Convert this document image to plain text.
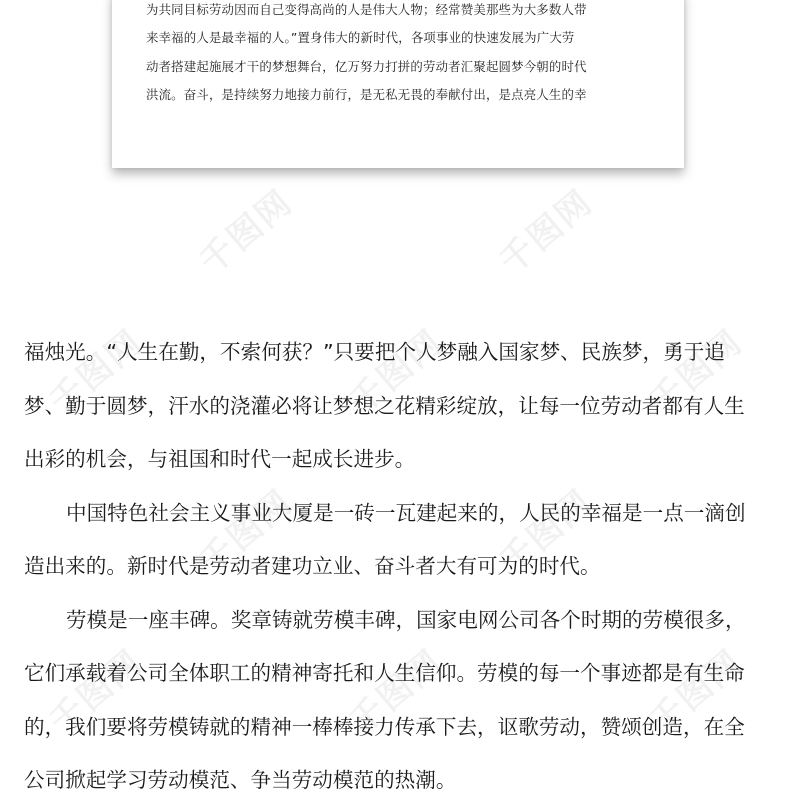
为共同目标劳动因而自己变得高尚的人是伟大人物；经常赞美那些为大多数人带
来幸福的人是最幸福的人。”置身伟大的新时代，各项事业的快速发展为广大劳
动者搭建起施展才干的梦想舞台，亿万努力打拼的劳动者汇聚起圆梦今朝的时代
洪流。奋斗，是持续努力地接力前行，是无私无畏的奉献付出，是点亮人生的幸
千图网	千图网
千图网
千图网	千图网
千图网	千图网
千图网
千图网	千图网
福烛光。“人生在勤，不索何获？”只要把个人梦融入国家梦、民族梦，勇于追
梦、勤于圆梦，汗水的浇灌必将让梦想之花精彩绽放，让每一位劳动者都有人生
出彩的机会，与祖国和时代一起成长进步。
中国特色社会主义事业大厦是一砖一瓦建起来的，人民的幸福是一点一滴创
造出来的。新时代是劳动者建功立业、奋斗者大有可为的时代。
劳模是一座丰碑。奖章铸就劳模丰碑，国家电网公司各个时期的劳模很多，
它们承载着公司全体职工的精神寄托和人生信仰。劳模的每一个事迹都是有生命
的，我们要将劳模铸就的精神一棒棒接力传承下去，讴歌劳动，赞颂创造，在全
公司掀起学习劳动模范、争当劳动模范的热潮。
